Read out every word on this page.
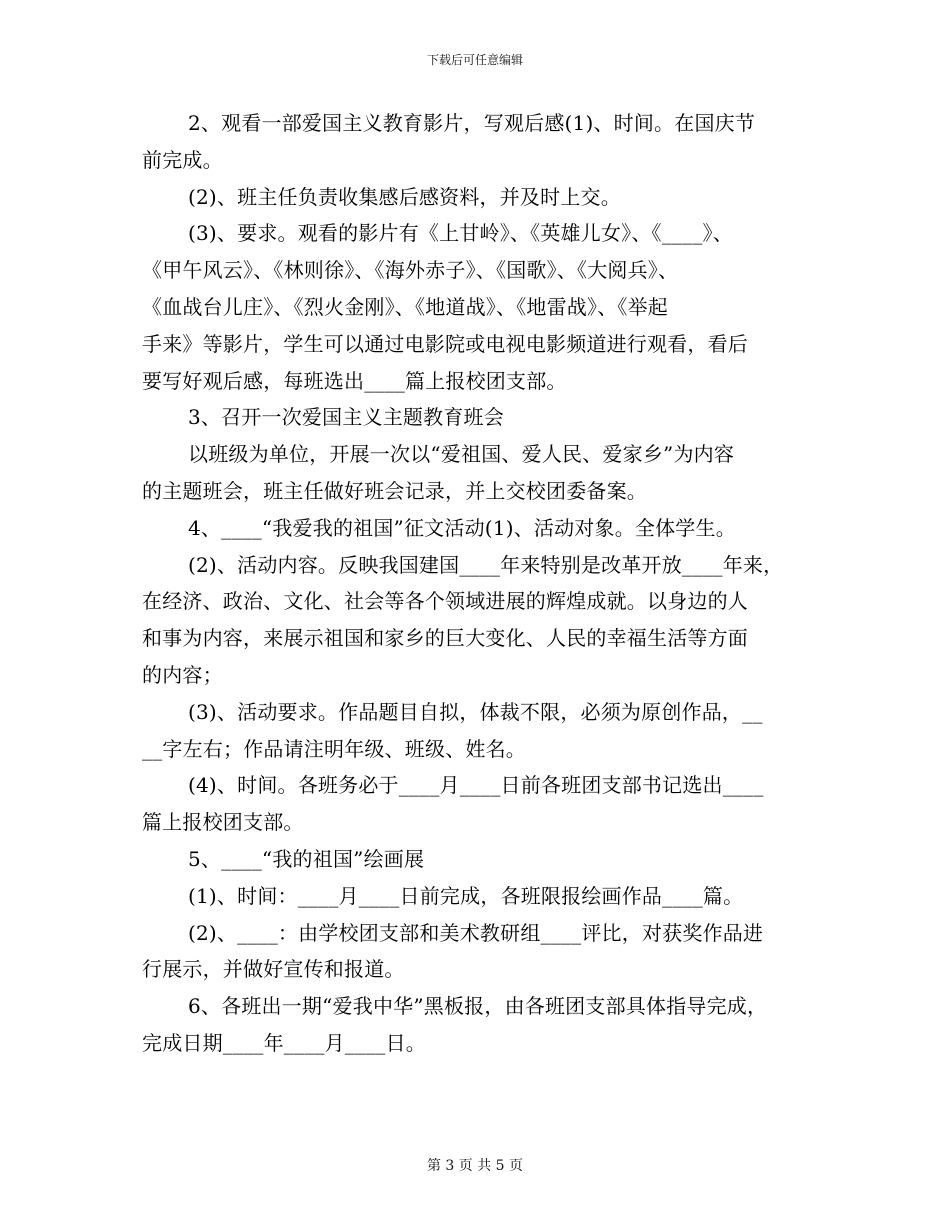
下载后可任意编辑
2、观看一部爱国主义教育影片，写观后感(1)、时间。在国庆节
前完成。
(2)、班主任负责收集感后感资料，并及时上交。
(3)、要求。观看的影片有《上甘岭》、《英雄儿女》、《____》、
《甲午风云》、《林则徐》、《海外赤子》、《国歌》、《大阅兵》、
《血战台儿庄》、《烈火金刚》、《地道战》、《地雷战》、《举起
手来》等影片，学生可以通过电影院或电视电影频道进行观看，看后
要写好观后感，每班选出____篇上报校团支部。
3、召开一次爱国主义主题教育班会
以班级为单位，开展一次以“爱祖国、爱人民、爱家乡”为内容
的主题班会，班主任做好班会记录，并上交校团委备案。
4、____“我爱我的祖国”征文活动(1)、活动对象。全体学生。
(2)、活动内容。反映我国建国____年来特别是改革开放____年来，
在经济、政治、文化、社会等各个领域进展的辉煌成就。以身边的人
和事为内容，来展示祖国和家乡的巨大变化、人民的幸福生活等方面
的内容；
(3)、活动要求。作品题目自拟，体裁不限，必须为原创作品，__
__字左右；作品请注明年级、班级、姓名。
(4)、时间。各班务必于____月____日前各班团支部书记选出____
篇上报校团支部。
5、____“我的祖国”绘画展
(1)、时间：____月____日前完成，各班限报绘画作品____篇。
(2)、____：由学校团支部和美术教研组____评比，对获奖作品进
行展示，并做好宣传和报道。
6、各班出一期“爱我中华”黑板报，由各班团支部具体指导完成，
完成日期____年____月____日。
第 3 页 共 5 页
